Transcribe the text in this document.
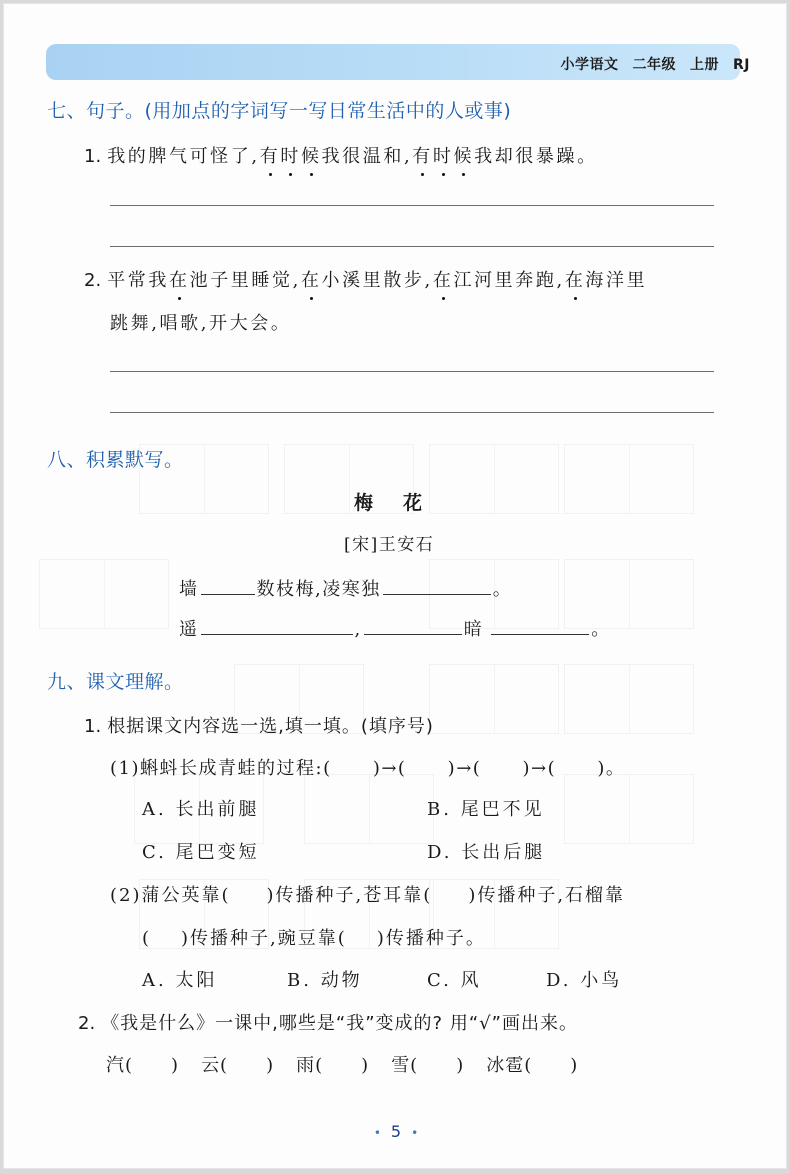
小学语文 二年级 上册 RJ
七、句子。(用加点的字词写一写日常生活中的人或事)
1. 我的脾气可怪了,有时候我很温和,有时候我却很暴躁。
2. 平常我在池子里睡觉,在小溪里散步,在江河里奔跑,在海洋里
跳舞,唱歌,开大会。
八、积累默写。
梅花
[宋]王安石
墙	数枝梅,凌寒独	。
遥	,	暗	。
九、课文理解。
1. 根据课文内容选一选,填一填。(填序号)
(1)蝌蚪长成青蛙的过程:( )→( )→( )→( )。
A. 长出前腿	B. 尾巴不见
C. 尾巴变短	D. 长出后腿
(2)蒲公英靠( )传播种子,苍耳靠( )传播种子,石榴靠
( )传播种子,豌豆靠( )传播种子。
A. 太阳	B. 动物	C. 风	D. 小鸟
2. 《我是什么》一课中,哪些是“我”变成的? 用“√”画出来。
汽( ) 云( ) 雨( ) 雪( ) 冰雹( )
• 5 •
